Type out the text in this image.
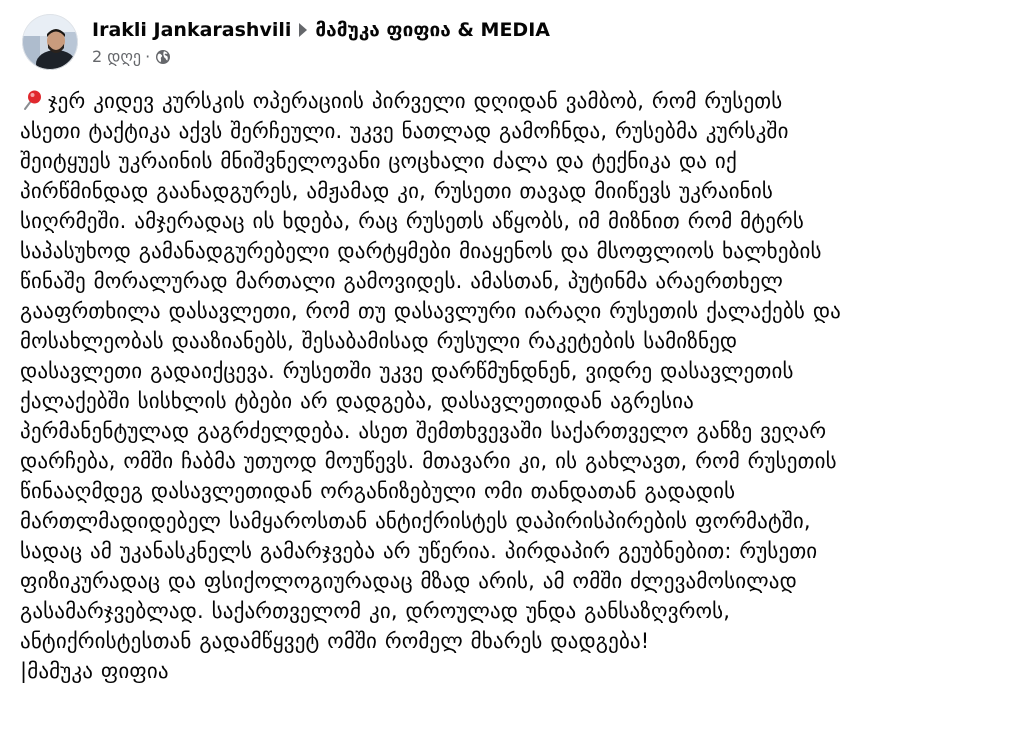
Irakli Jankarashvili მამუკა ფიფია & MEDIA
2 დღე ·
ჯერ კიდევ კურსკის ოპერაციის პირველი დღიდან ვამბობ, რომ რუსეთს
ასეთი ტაქტიკა აქვს შერჩეული. უკვე ნათლად გამოჩნდა, რუსებმა კურსკში
შეიტყუეს უკრაინის მნიშვნელოვანი ცოცხალი ძალა და ტექნიკა და იქ
პირწმინდად გაანადგურეს, ამჟამად კი, რუსეთი თავად მიიწევს უკრაინის
სიღრმეში. ამჯერადაც ის ხდება, რაც რუსეთს აწყობს, იმ მიზნით რომ მტერს
საპასუხოდ გამანადგურებელი დარტყმები მიაყენოს და მსოფლიოს ხალხების
წინაშე მორალურად მართალი გამოვიდეს. ამასთან, პუტინმა არაერთხელ
გააფრთხილა დასავლეთი, რომ თუ დასავლური იარაღი რუსეთის ქალაქებს და
მოსახლეობას დააზიანებს, შესაბამისად რუსული რაკეტების სამიზნედ
დასავლეთი გადაიქცევა. რუსეთში უკვე დარწმუნდნენ, ვიდრე დასავლეთის
ქალაქებში სისხლის ტბები არ დადგება, დასავლეთიდან აგრესია
პერმანენტულად გაგრძელდება. ასეთ შემთხვევაში საქართველო განზე ვეღარ
დარჩება, ომში ჩაბმა უთუოდ მოუწევს. მთავარი კი, ის გახლავთ, რომ რუსეთის
წინააღმდეგ დასავლეთიდან ორგანიზებული ომი თანდათან გადადის
მართლმადიდებელ სამყაროსთან ანტიქრისტეს დაპირისპირების ფორმატში,
სადაც ამ უკანასკნელს გამარჯვება არ უწერია. პირდაპირ გეუბნებით: რუსეთი
ფიზიკურადაც და ფსიქოლოგიურადაც მზად არის, ამ ომში ძლევამოსილად
გასამარჯვებლად. საქართველომ კი, დროულად უნდა განსაზღვროს,
ანტიქრისტესთან გადამწყვეტ ომში რომელ მხარეს დადგება!

|მამუკა ფიფია
